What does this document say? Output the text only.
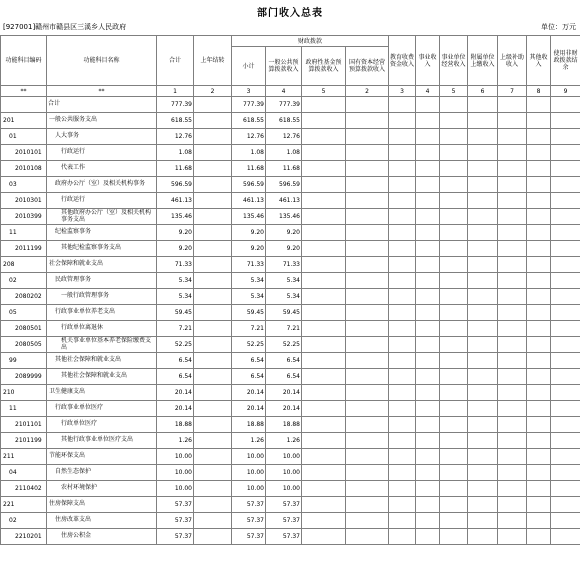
部门收入总表
[927001]赣州市赣县区三溪乡人民政府	单位：万元
功能科目编码	功能科目名称	合计	上年结转	财政拨款				教育收费资金收入	事业收入	事业单位经营收入	附属单位上缴收入	上级补助收入	其他收入	使用非财政拨款结余
				小计	一般公共预算拨款收入	政府性基金预算拨款收入	国有资本经营预算拨款收入							
**	**	1	2	3	4	5	2	3	4	5	6	7	8	9
	合计	777.39		777.39	777.39									
201	一般公共服务支出	618.55		618.55	618.55									
01	人大事务	12.76		12.76	12.76									
2010101	行政运行	1.08		1.08	1.08									
2010108	代表工作	11.68		11.68	11.68									
03	政府办公厅（室）及相关机构事务	596.59		596.59	596.59									
2010301	行政运行	461.13		461.13	461.13									
2010399	其他政府办公厅（室）及相关机构事务支出	135.46		135.46	135.46									
11	纪检监察事务	9.20		9.20	9.20									
2011199	其他纪检监察事务支出	9.20		9.20	9.20									
208	社会保障和就业支出	71.33		71.33	71.33									
02	民政管理事务	5.34		5.34	5.34									
2080202	一般行政管理事务	5.34		5.34	5.34									
05	行政事业单位养老支出	59.45		59.45	59.45									
2080501	行政单位离退休	7.21		7.21	7.21									
2080505	机关事业单位基本养老保险缴费支出	52.25		52.25	52.25									
99	其他社会保障和就业支出	6.54		6.54	6.54									
2089999	其他社会保障和就业支出	6.54		6.54	6.54									
210	卫生健康支出	20.14		20.14	20.14									
11	行政事业单位医疗	20.14		20.14	20.14									
2101101	行政单位医疗	18.88		18.88	18.88									
2101199	其他行政事业单位医疗支出	1.26		1.26	1.26									
211	节能环保支出	10.00		10.00	10.00									
04	自然生态保护	10.00		10.00	10.00									
2110402	农村环境保护	10.00		10.00	10.00									
221	住房保障支出	57.37		57.37	57.37									
02	住房改革支出	57.37		57.37	57.37									
2210201	住房公积金	57.37		57.37	57.37									
